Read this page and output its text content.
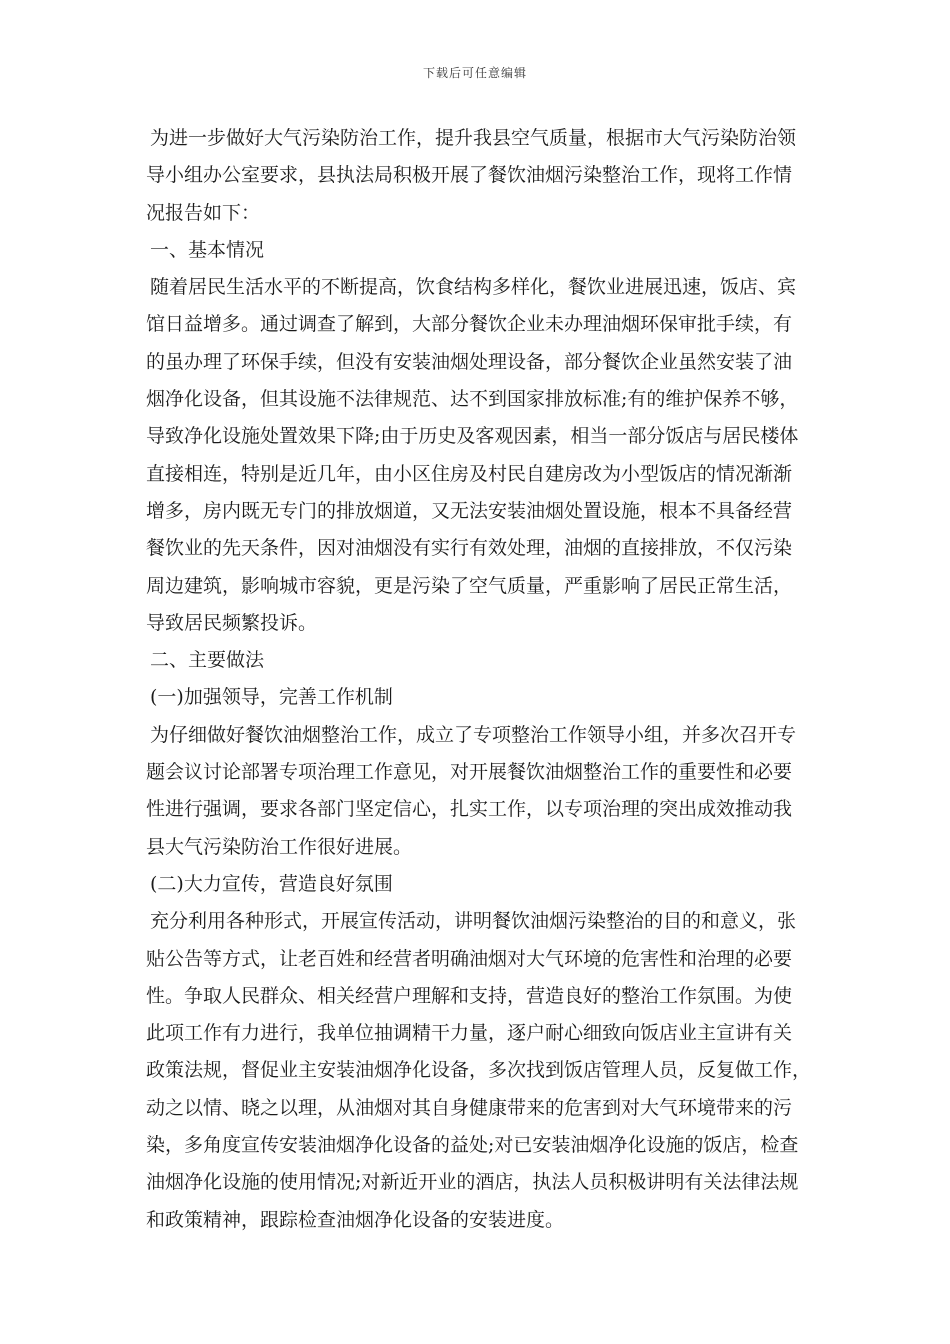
下载后可任意编辑
为进一步做好大气污染防治工作，提升我县空气质量，根据市大气污染防治领
导小组办公室要求，县执法局积极开展了餐饮油烟污染整治工作，现将工作情
况报告如下：
一、基本情况
随着居民生活水平的不断提高，饮食结构多样化，餐饮业进展迅速，饭店、宾
馆日益增多。通过调查了解到，大部分餐饮企业未办理油烟环保审批手续，有
的虽办理了环保手续，但没有安装油烟处理设备，部分餐饮企业虽然安装了油
烟净化设备，但其设施不法律规范、达不到国家排放标准;有的维护保养不够，
导致净化设施处置效果下降;由于历史及客观因素，相当一部分饭店与居民楼体
直接相连，特别是近几年，由小区住房及村民自建房改为小型饭店的情况渐渐
增多，房内既无专门的排放烟道，又无法安装油烟处置设施，根本不具备经营
餐饮业的先天条件，因对油烟没有实行有效处理，油烟的直接排放，不仅污染
周边建筑，影响城市容貌，更是污染了空气质量，严重影响了居民正常生活，
导致居民频繁投诉。
二、主要做法
(一)加强领导，完善工作机制
为仔细做好餐饮油烟整治工作，成立了专项整治工作领导小组，并多次召开专
题会议讨论部署专项治理工作意见，对开展餐饮油烟整治工作的重要性和必要
性进行强调，要求各部门坚定信心，扎实工作，以专项治理的突出成效推动我
县大气污染防治工作很好进展。
(二)大力宣传，营造良好氛围
充分利用各种形式，开展宣传活动，讲明餐饮油烟污染整治的目的和意义，张
贴公告等方式，让老百姓和经营者明确油烟对大气环境的危害性和治理的必要
性。争取人民群众、相关经营户理解和支持，营造良好的整治工作氛围。为使
此项工作有力进行，我单位抽调精干力量，逐户耐心细致向饭店业主宣讲有关
政策法规，督促业主安装油烟净化设备，多次找到饭店管理人员，反复做工作，
动之以情、晓之以理，从油烟对其自身健康带来的危害到对大气环境带来的污
染，多角度宣传安装油烟净化设备的益处;对已安装油烟净化设施的饭店，检查
油烟净化设施的使用情况;对新近开业的酒店，执法人员积极讲明有关法律法规
和政策精神，跟踪检查油烟净化设备的安装进度。
